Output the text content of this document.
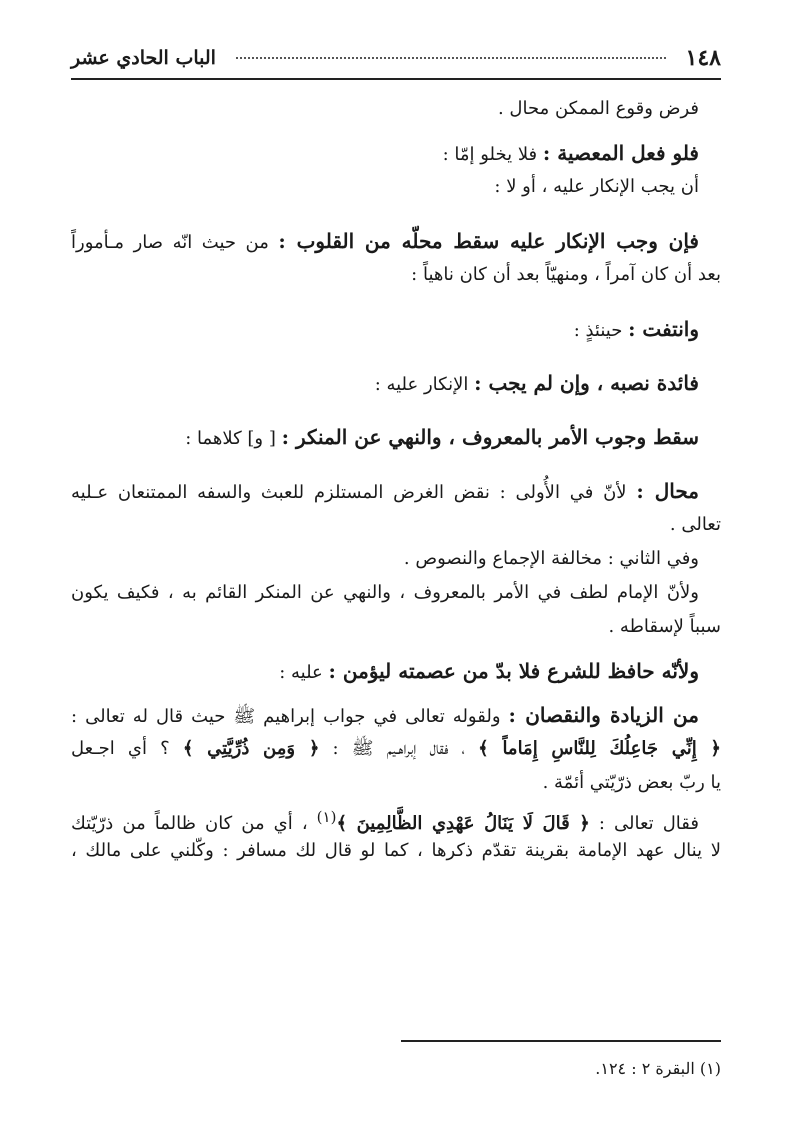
١٤٨
الباب الحادي عشر
فرض وقوع الممكن محال .
فلو فعل المعصية : فلا يخلو إمّا :
أن يجب الإنكار عليه ، أو لا :
فإن وجب الإنكار عليه سقط محلّه من القلوب : من حيث انّه صار مـأموراً
بعد أن كان آمراً ، ومنهيّاً بعد أن كان ناهياً :
وانتفت : حينئذٍ :
فائدة نصبه ، وإن لم يجب : الإنكار عليه :
سقط وجوب الأمر بالمعروف ، والنهي عن المنكر : [ و] كلاهما :
محال : لأنّ في الأُولى : نقض الغرض المستلزم للعبث والسفه الممتنعان عـليه
تعالى .
وفي الثاني : مخالفة الإجماع والنصوص .
ولأنّ الإمام لطف في الأمر بالمعروف ، والنهي عن المنكر القائم به ، فكيف يكون
سبباً لإسقاطه .
ولأنّه حافظ للشرع فلا بدّ من عصمته ليؤمن : عليه :
من الزيادة والنقصان : ولقوله تعالى في جواب إبراهيم ﷺ حيث قال له تعالى :
﴿ إِنِّي جَاعِلُكَ لِلنَّاسِ إِمَاماً ﴾ ، فقال إبراهـيم ﷺ : ﴿ وَمِن ذُرِّيَّتِي ﴾ ؟ أي اجـعل
يا ربّ بعض ذرّيّتي أئمّة .
فقال تعالى : ﴿ قَالَ لَا يَنَالُ عَهْدِي الظَّالِمِينَ ﴾$^{(١)}$ ، أي من كان ظالماً من ذرّيّتك
لا ينال عهد الإمامة بقرينة تقدّم ذكرها ، كما لو قال لك مسافر : وكّلني على مالك ،
(١) البقرة ٢ : ١٢٤.
